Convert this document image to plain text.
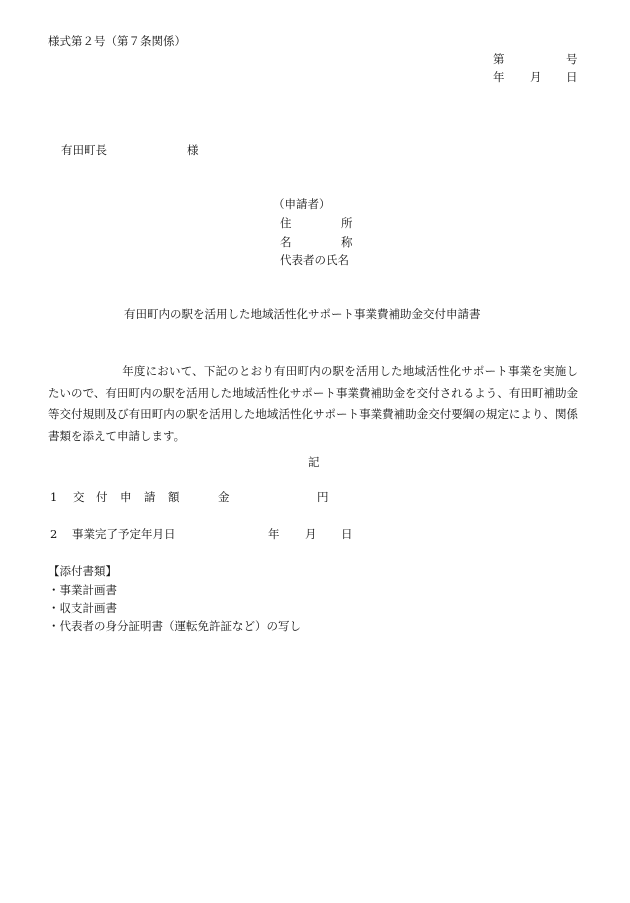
様式第２号（第７条関係）
第	号
年 月 日
有田町長	様
（申請者）
住	所
名	称
代表者の氏名
有田町内の駅を活用した地域活性化サポート事業費補助金交付申請書
年度において、下記のとおり有田町内の駅を活用した地域活性化サポート事業を実施したいので、有田町内の駅を活用した地域活性化サポート事業費補助金を交付されるよう、有田町補助金等交付規則及び有田町内の駅を活用した地域活性化サポート事業費補助金交付要綱の規定により、関係書類を添えて申請します。
記
1 交 付 申 請 額	金	円
2 事業完了予定年月日	年 月 日
【添付書類】
・事業計画書
・収支計画書
・代表者の身分証明書（運転免許証など）の写し
